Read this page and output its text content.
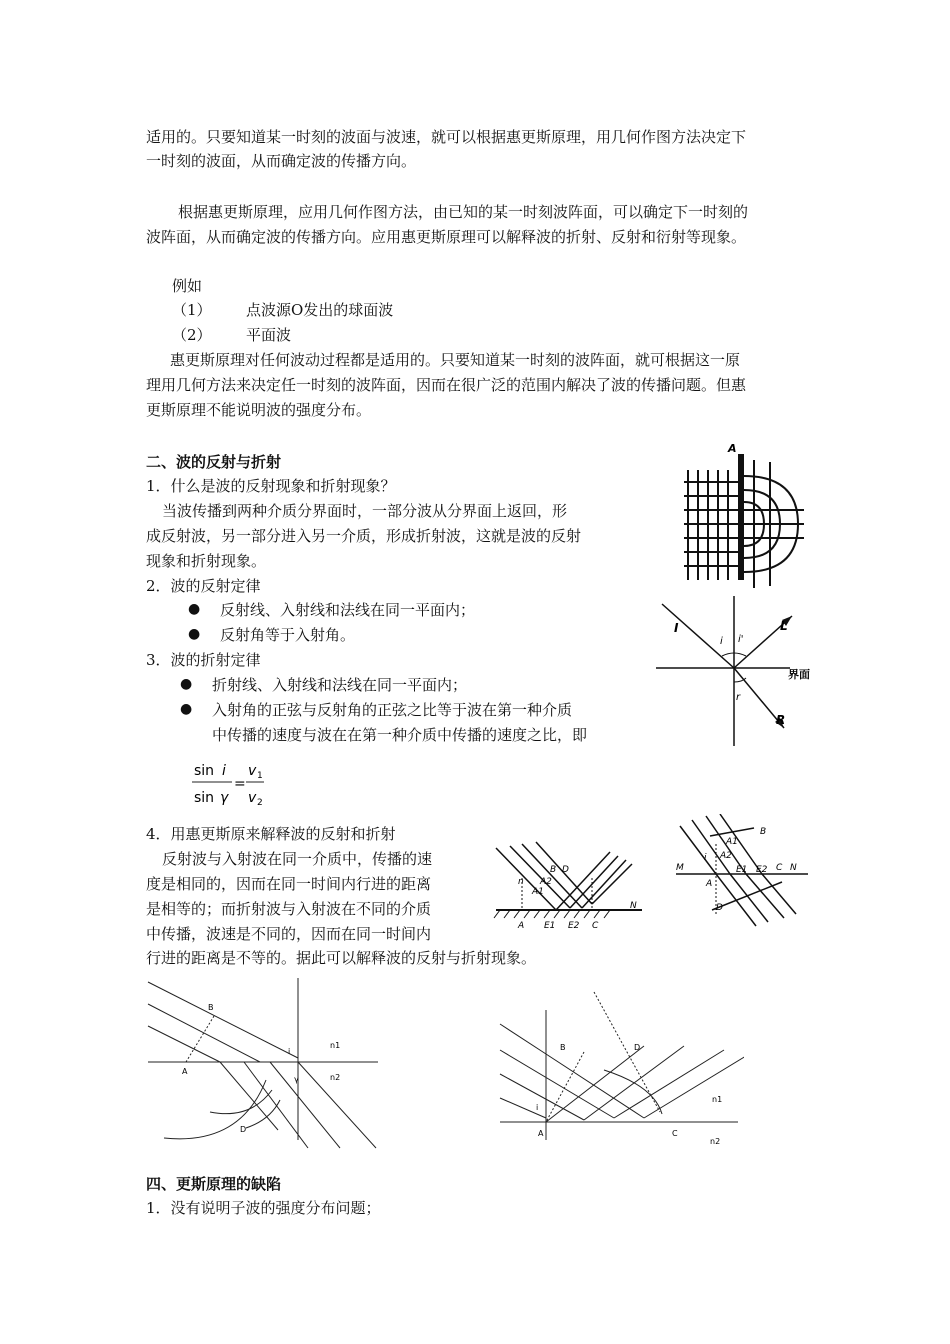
适用的。只要知道某一时刻的波面与波速，就可以根据惠更斯原理，用几何作图方法决定下
一时刻的波面，从而确定波的传播方向。
根据惠更斯原理，应用几何作图方法，由已知的某一时刻波阵面，可以确定下一时刻的
波阵面，从而确定波的传播方向。应用惠更斯原理可以解释波的折射、反射和衍射等现象。
例如
（1） 点波源O发出的球面波
（2） 平面波
惠更斯原理对任何波动过程都是适用的。只要知道某一时刻的波阵面，就可根据这一原
理用几何方法来决定任一时刻的波阵面，因而在很广泛的范围内解决了波的传播问题。但惠
更斯原理不能说明波的强度分布。
二、波的反射与折射
1．什么是波的反射现象和折射现象？
当波传播到两种介质分界面时，一部分波从分界面上返回，形
成反射波，另一部分进入另一介质，形成折射波，这就是波的反射
现象和折射现象。
2．波的反射定律
● 反射线、入射线和法线在同一平面内；
● 反射角等于入射角。
3．波的折射定律
● 折射线、入射线和法线在同一平面内；
● 入射角的正弦与反射角的正弦之比等于波在第一种介质
中传播的速度与波在在第一种介质中传播的速度之比，即
sin i
sin γ
=
v 1
v 2
4．用惠更斯原来解释波的反射和折射
反射波与入射波在同一介质中，传播的速
度是相同的，因而在同一时间内行进的距离
是相等的；而折射波与入射波在不同的介质
中传播，波速是不同的，因而在同一时间内
行进的距离是不等的。据此可以解释波的反射与折射现象。
四、更斯原理的缺陷
1．没有说明子波的强度分布问题；
A
I
i i'
L
界面
r
R
B D
A1
A2
n
N
A E1 E2 C
B
A1
A2
M	N
C
A
E1 E2
D
i
B
i
n1
A
γ	n2
D
B	D
n1
i
A	C
n2
